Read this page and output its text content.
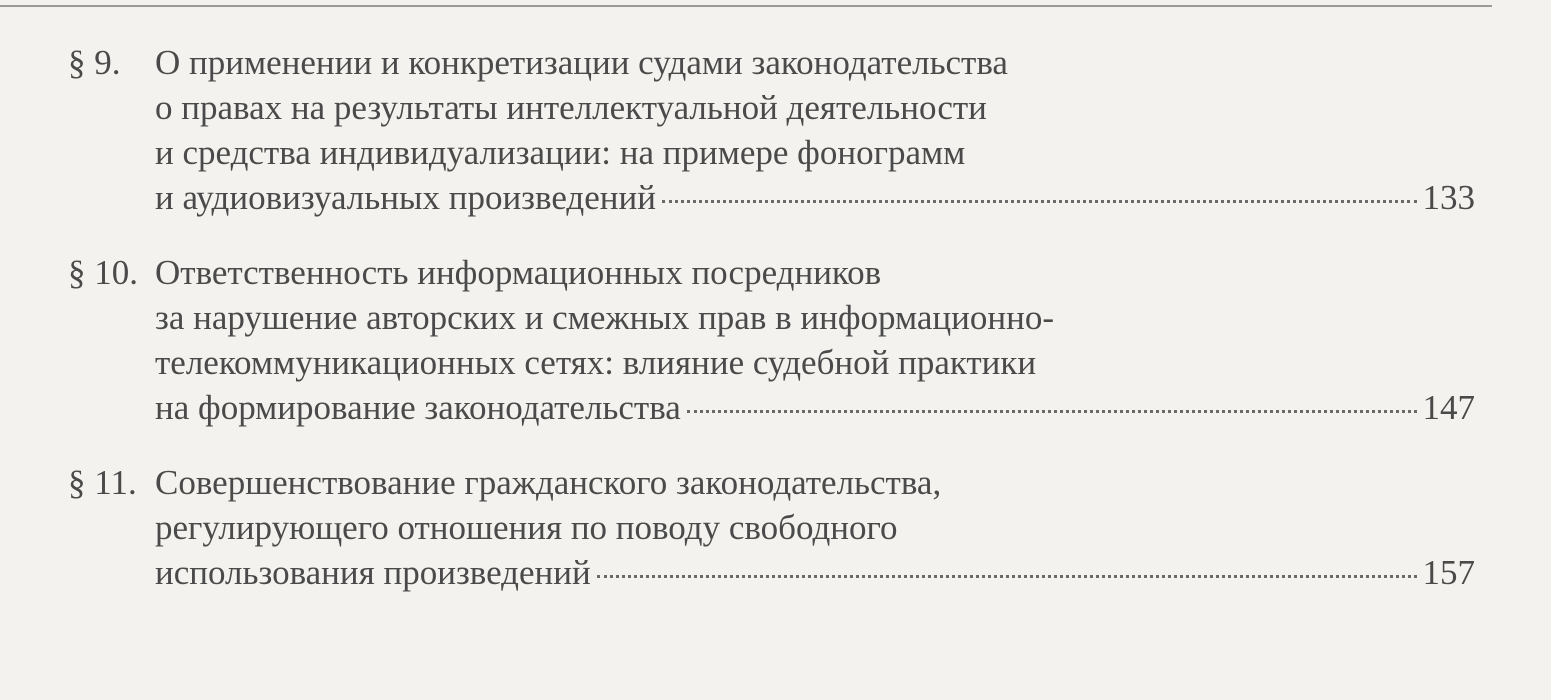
§ 9. О применении и конкретизации судами законодательства
о правах на результаты интеллектуальной деятельности
и средства индивидуализации: на примере фонограмм
и аудиовизуальных произведений	133
§ 10. Ответственность информационных посредников
за нарушение авторских и смежных прав в информационно-
телекоммуникационных сетях: влияние судебной практики
на формирование законодательства	147
§ 11. Совершенствование гражданского законодательства,
регулирующего отношения по поводу свободного
использования произведений	157
